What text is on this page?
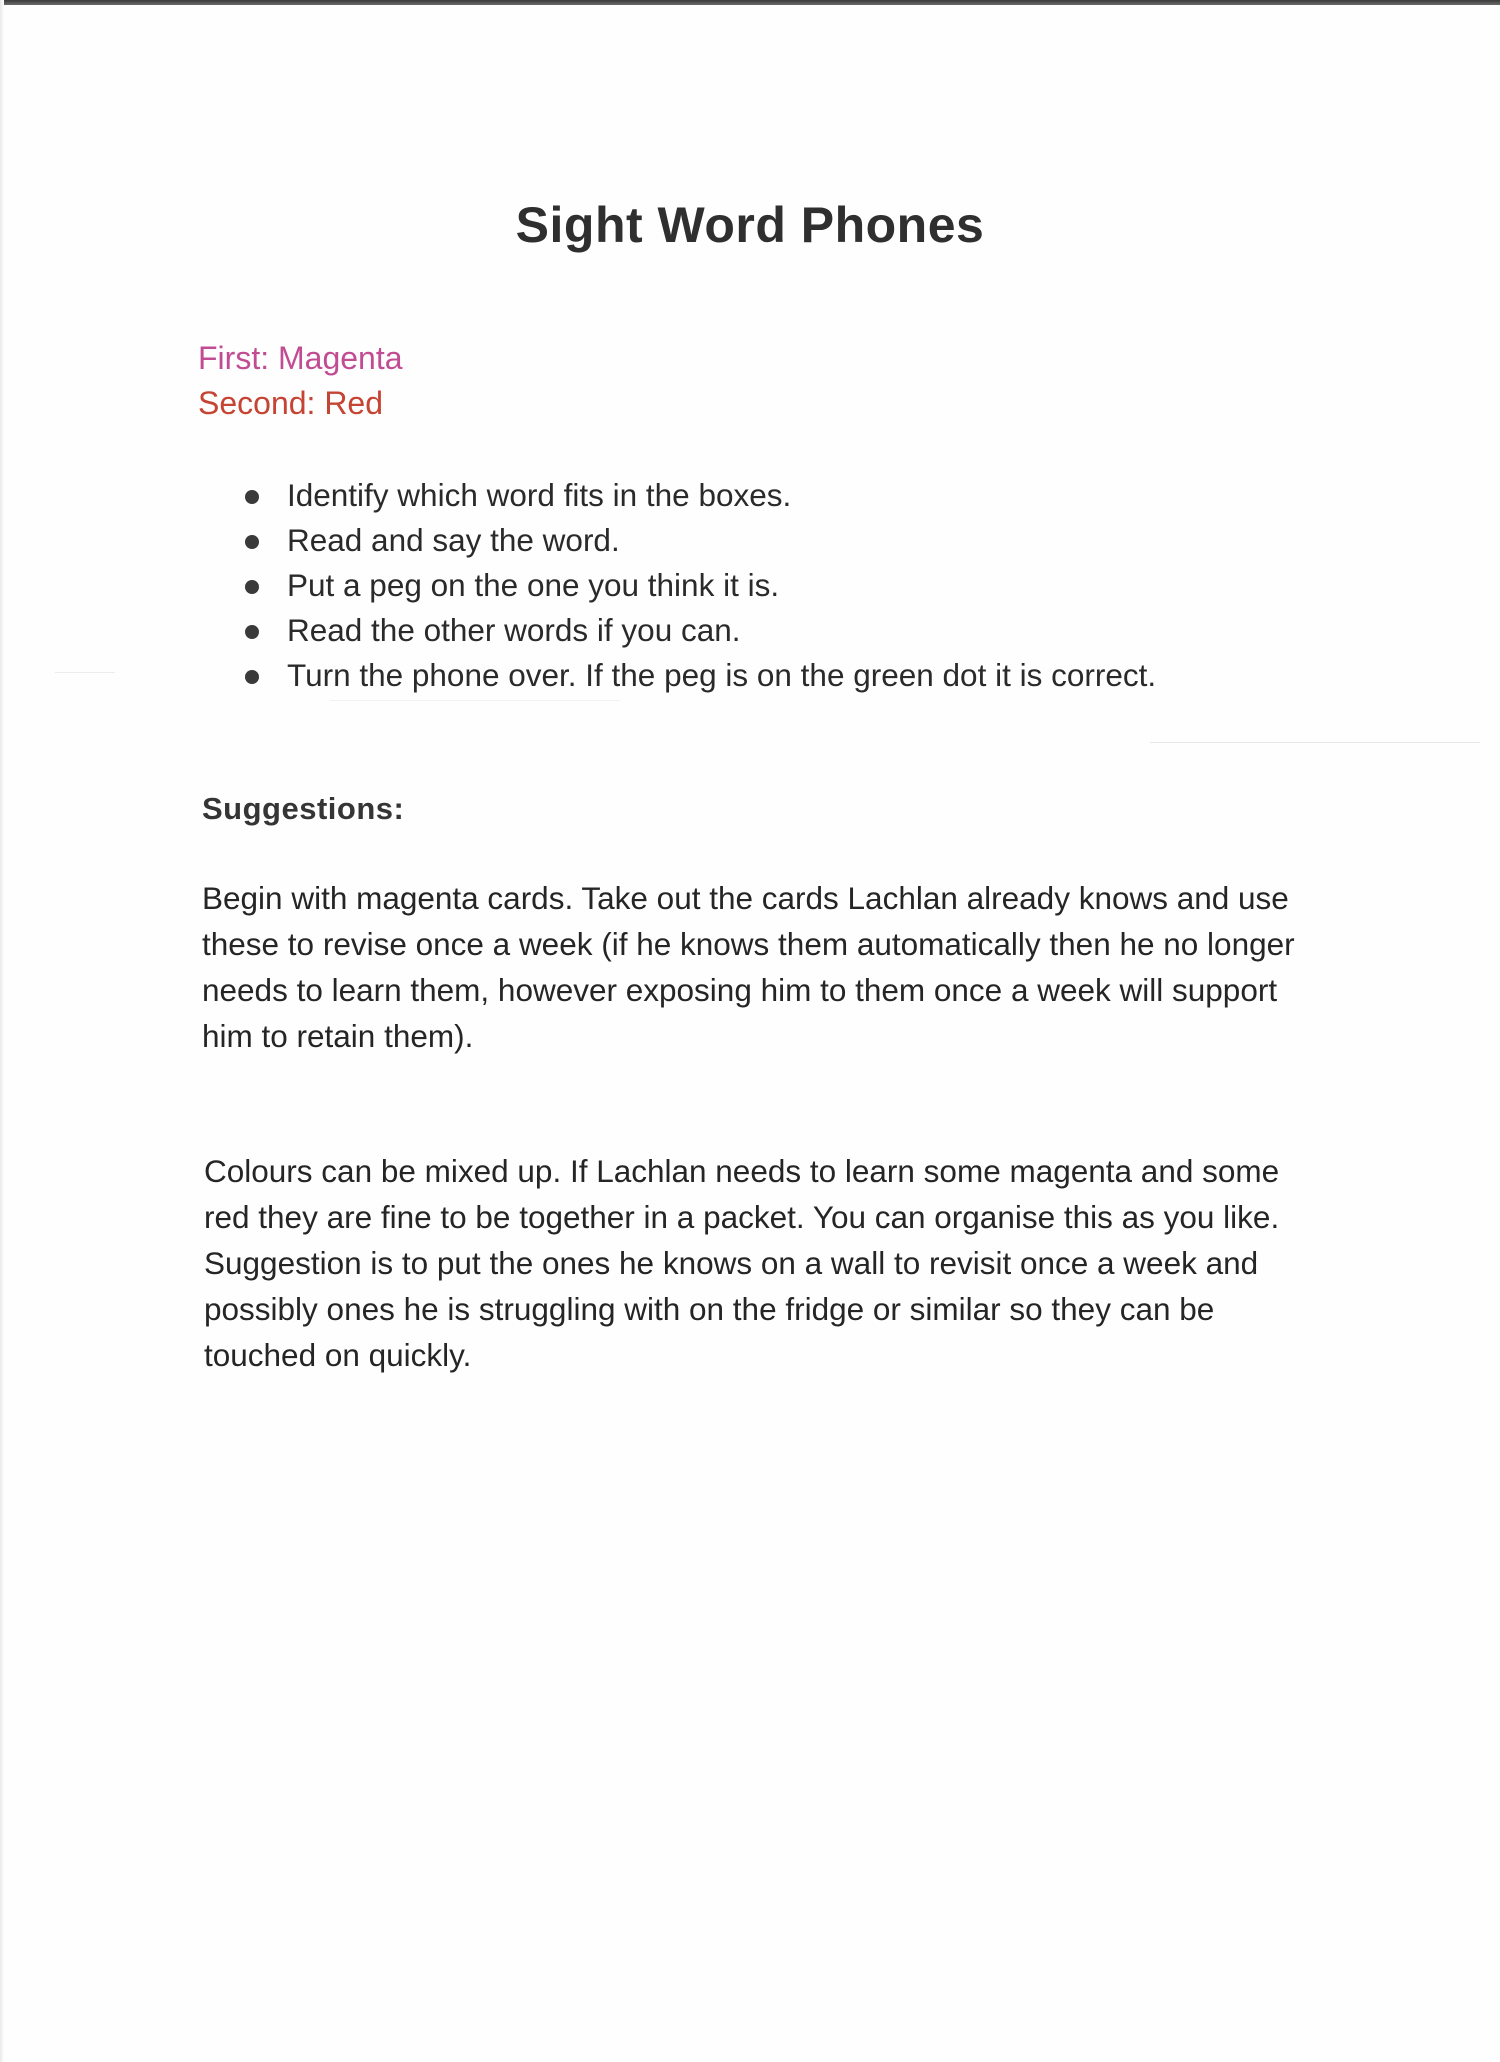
Sight Word Phones

First: Magenta

Second: Red

Identify which word fits in the boxes.
Read and say the word.
Put a peg on the one you think it is.
Read the other words if you can.
Turn the phone over. If the peg is on the green dot it is correct.
Suggestions:

Begin with magenta cards. Take out the cards Lachlan already knows and use these to revise once a week (if he knows them automatically then he no longer needs to learn them, however exposing him to them once a week will support him to retain them).

Colours can be mixed up. If Lachlan needs to learn some magenta and some red they are fine to be together in a packet. You can organise this as you like. Suggestion is to put the ones he knows on a wall to revisit once a week and possibly ones he is struggling with on the fridge or similar so they can be touched on quickly.
